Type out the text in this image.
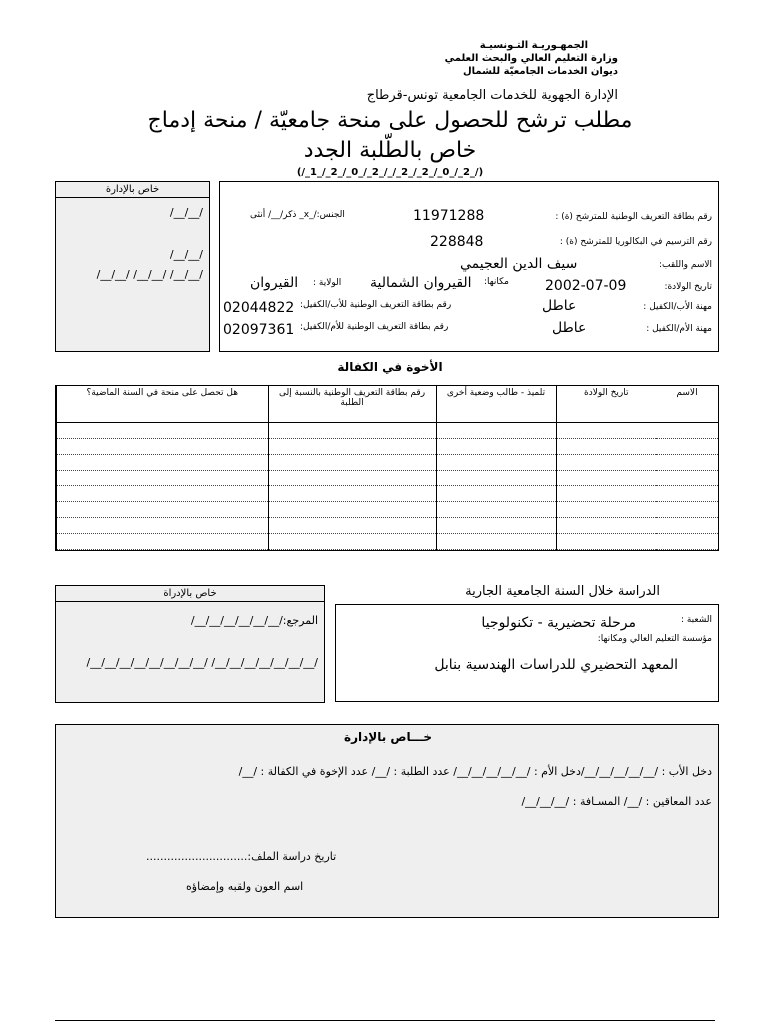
الجمهـوريـة التـونسيـة
وزارة التعليم العالي والبحث العلمي
ديوان الخدمات الجامعيّة للشمال
الإدارة الجهوية للخدمات الجامعية تونس-قرطاج
مطلب ترشح للحصول على منحة جامعيّة / منحة إدماج
خاص بالطّلبة الجدد
(/_1_/_2_/_0_/_2_/_/_2_/_2_/_0_/_2_/)
خاص بالإدارة
/__/__/
/__/__/
/__/__/ /__/__/ /__/__/
رقم بطاقة التعريف الوطنية للمترشح (ة) :
11971288
الجنس:/_x_ ذكر/__/ أنثى
رقم الترسيم في البكالوريا للمترشح (ة) :
228848
الاسم واللقب:
سيف الدين العجيمي
تاريخ الولادة:
2002-07-09
مكانها:
القيروان الشمالية
الولاية :
القيروان
مهنة الأب/الكفيل :
عاطل
رقم بطاقة التعريف الوطنية للأب/الكفيل:
02044822
مهنة الأم/الكفيل :
عاطل
رقم بطاقة التعريف الوطنية للأم/الكفيل:
02097361
الأخوة في الكفالة
الاسم	تاريخ الولادة	تلميذ - طالب وضعية أخرى	رقم بطاقة التعريف الوطنية بالنسبة إلى الطلبة	هل تحصل على منحة في السنة الماضية؟

الدراسة خلال السنة الجامعية الجارية
الشعبة :
مرحلة تحضيرية - تكنولوجيا
مؤسسة التعليم العالي ومكانها:
المعهد التحضيري للدراسات الهندسية بنابل
خاص بالإدراة
المرجع:/__/__/__/__/__/__/
/__/__/__/__/__/__/__/__/ /__/__/__/__/__/__/__/
خـــاص بالإدارة
دخل الأب : /__/__/__/__/__/دخل الأم : /__/__/__/__/__/ عدد الطلبة : /__/ عدد الإخوة في الكفالة : /__/
عدد المعاقين : /__/ المسـافة : /__/__/__/
تاريخ دراسة الملف:.............................
اسم العون ولقبه وإمضاؤه
